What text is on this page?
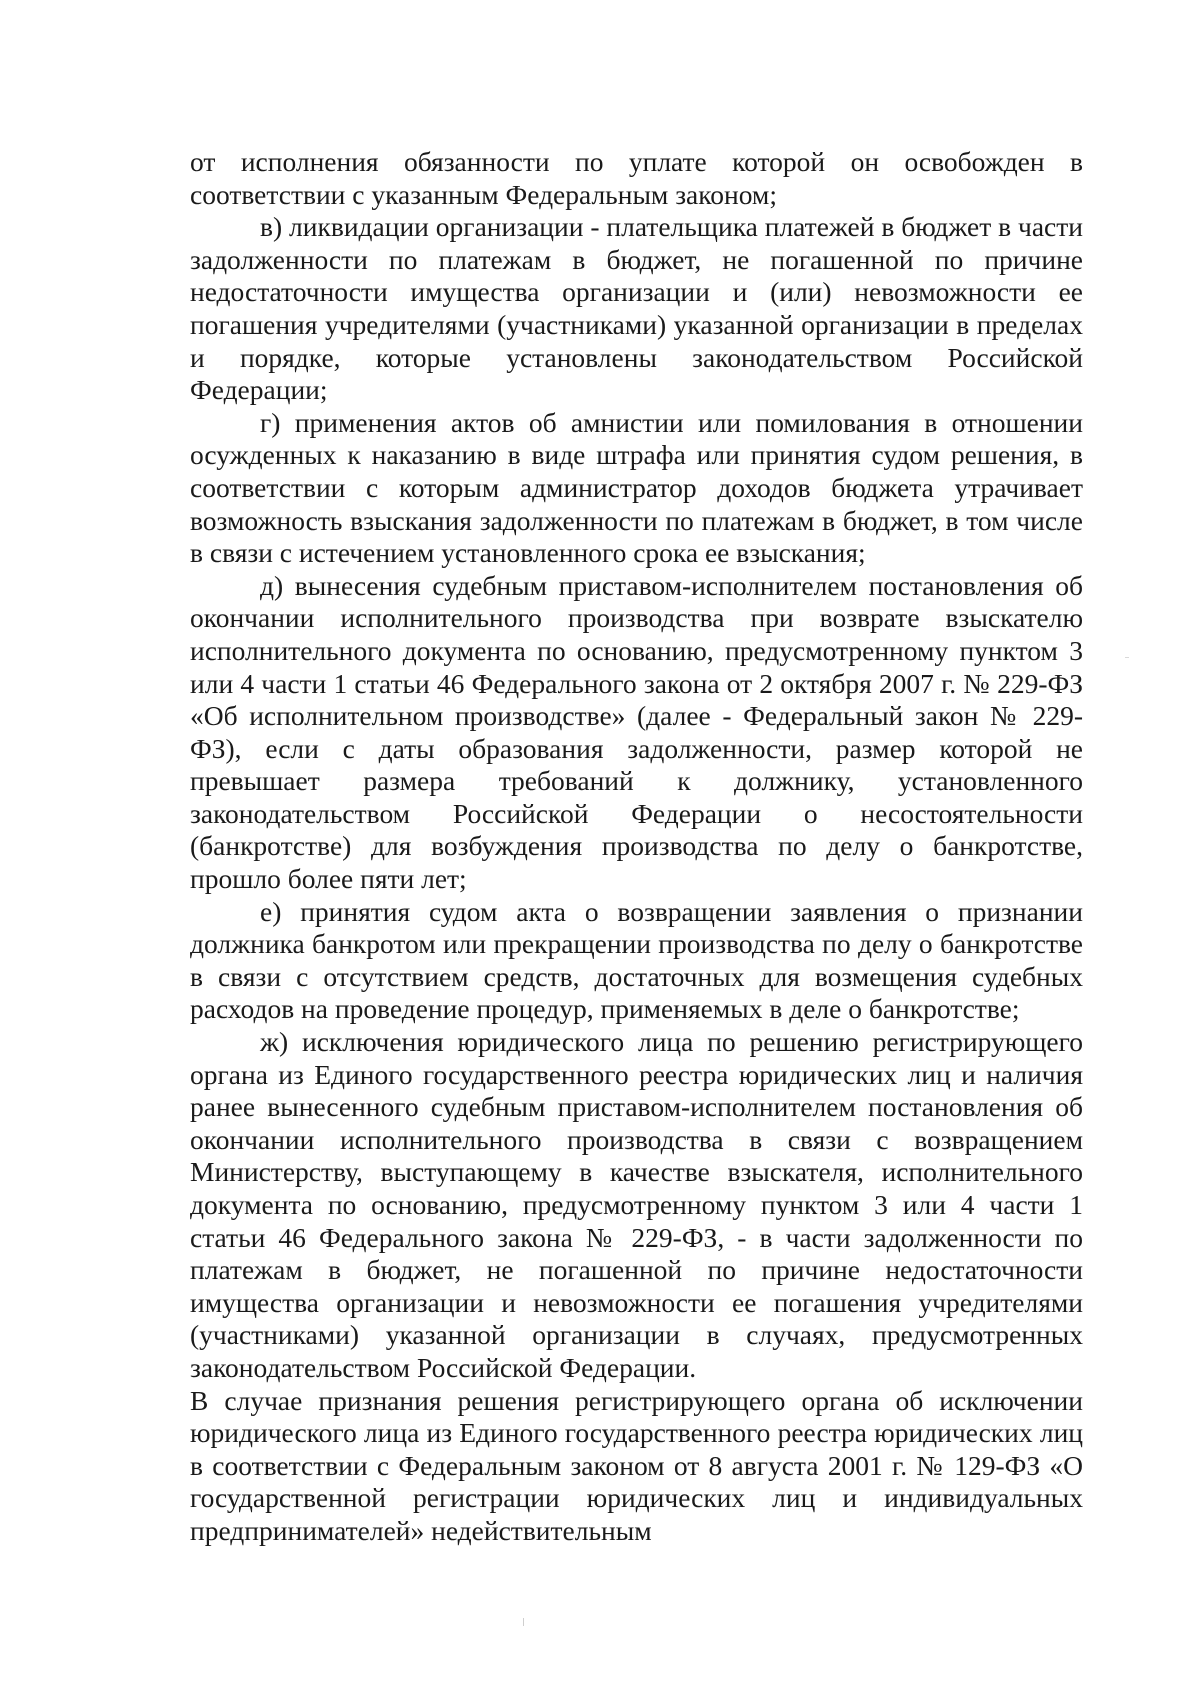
от исполнения обязанности по уплате которой он освобожден в соответствии с указанным Федеральным законом;

в) ликвидации организации - плательщика платежей в бюджет в части задолженности по платежам в бюджет, не погашенной по причине недостаточности имущества организации и (или) невозможности ее погашения учредителями (участниками) указанной организации в пределах и порядке, которые установлены законодательством Российской Федерации;

г) применения актов об амнистии или помилования в отношении осужденных к наказанию в виде штрафа или принятия судом решения, в соответствии с которым администратор доходов бюджета утрачивает возможность взыскания задолженности по платежам в бюджет, в том числе в связи с истечением установленного срока ее взыскания;

д) вынесения судебным приставом-исполнителем постановления об окончании исполнительного производства при возврате взыскателю исполнительного документа по основанию, предусмотренному пунктом 3 или 4 части 1 статьи 46 Федерального закона от 2 октября 2007 г. № 229-ФЗ «Об исполнительном производстве» (далее - Федеральный закон № 229-ФЗ), если с даты образования задолженности, размер которой не превышает размера требований к должнику, установленного законодательством Российской Федерации о несостоятельности (банкротстве) для возбуждения производства по делу о банкротстве, прошло более пяти лет;

е) принятия судом акта о возвращении заявления о признании должника банкротом или прекращении производства по делу о банкротстве в связи с отсутствием средств, достаточных для возмещения судебных расходов на проведение процедур, применяемых в деле о банкротстве;

ж) исключения юридического лица по решению регистрирующего органа из Единого государственного реестра юридических лиц и наличия ранее вынесенного судебным приставом-исполнителем постановления об окончании исполнительного производства в связи с возвращением Министерству, выступающему в качестве взыскателя, исполнительного документа по основанию, предусмотренному пунктом 3 или 4 части 1 статьи 46 Федерального закона № 229-ФЗ, - в части задолженности по платежам в бюджет, не погашенной по причине недостаточности имущества организации и невозможности ее погашения учредителями (участниками) указанной организации в случаях, предусмотренных законодательством Российской Федерации.

В случае признания решения регистрирующего органа об исключении юридического лица из Единого государственного реестра юридических лиц в соответствии с Федеральным законом от 8 августа 2001 г. № 129-ФЗ «О государственной регистрации юридических лиц и индивидуальных предпринимателей» недействительным
